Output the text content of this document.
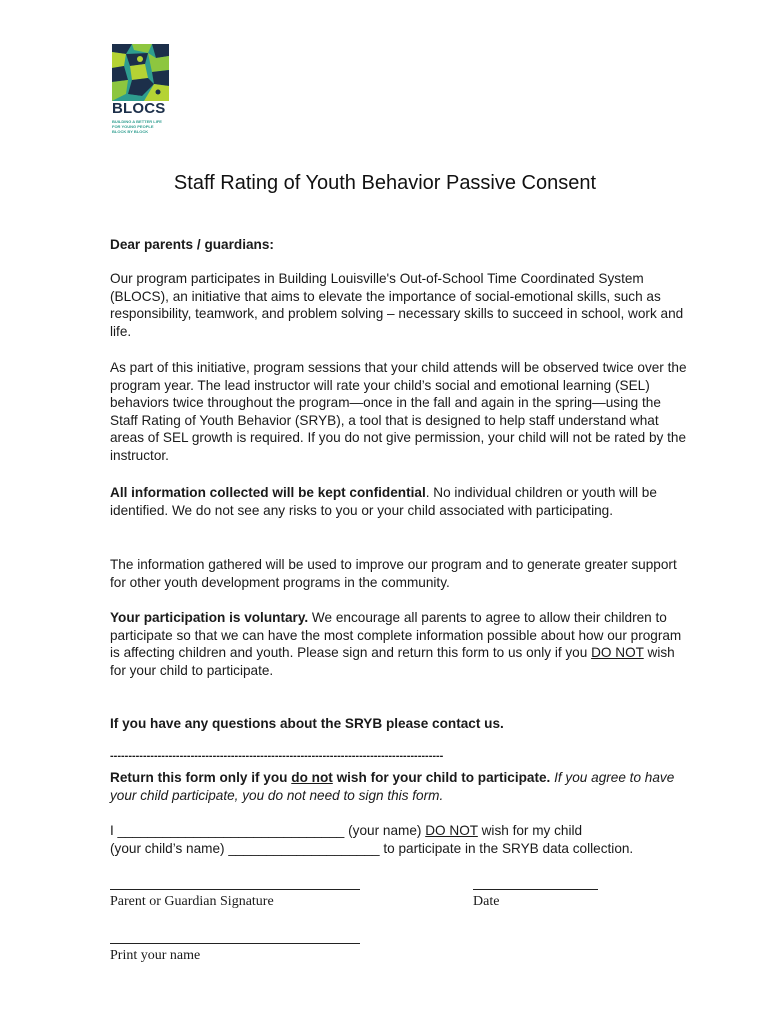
BLOCS
BUILDING A BETTER LIFE
FOR YOUNG PEOPLE
BLOCK BY BLOCK
Staff Rating of Youth Behavior Passive Consent

Dear parents / guardians:

Our program participates in Building Louisville's Out-of-School Time Coordinated System (BLOCS), an initiative that aims to elevate the importance of social-emotional skills, such as responsibility, teamwork, and problem solving – necessary skills to succeed in school, work and life.

As part of this initiative, program sessions that your child attends will be observed twice over the program year. The lead instructor will rate your child’s social and emotional learning (SEL) behaviors twice throughout the program—once in the fall and again in the spring—using the Staff Rating of Youth Behavior (SRYB), a tool that is designed to help staff understand what areas of SEL growth is required. If you do not give permission, your child will not be rated by the instructor.

All information collected will be kept confidential. No individual children or youth will be identified. We do not see any risks to you or your child associated with participating.

The information gathered will be used to improve our program and to generate greater support for other youth development programs in the community.

Your participation is voluntary. We encourage all parents to agree to allow their children to participate so that we can have the most complete information possible about how our program is affecting children and youth. Please sign and return this form to us only if you DO NOT wish for your child to participate.

If you have any questions about the SRYB please contact us.

-------------------------------------------------------------------------------------------

Return this form only if you do not wish for your child to participate. If you agree to have your child participate, you do not need to sign this form.

I ______________________________ (your name) DO NOT wish for my child

(your child’s name) ____________________ to participate in the SRYB data collection.

Parent or Guardian Signature	Date
Print your name
